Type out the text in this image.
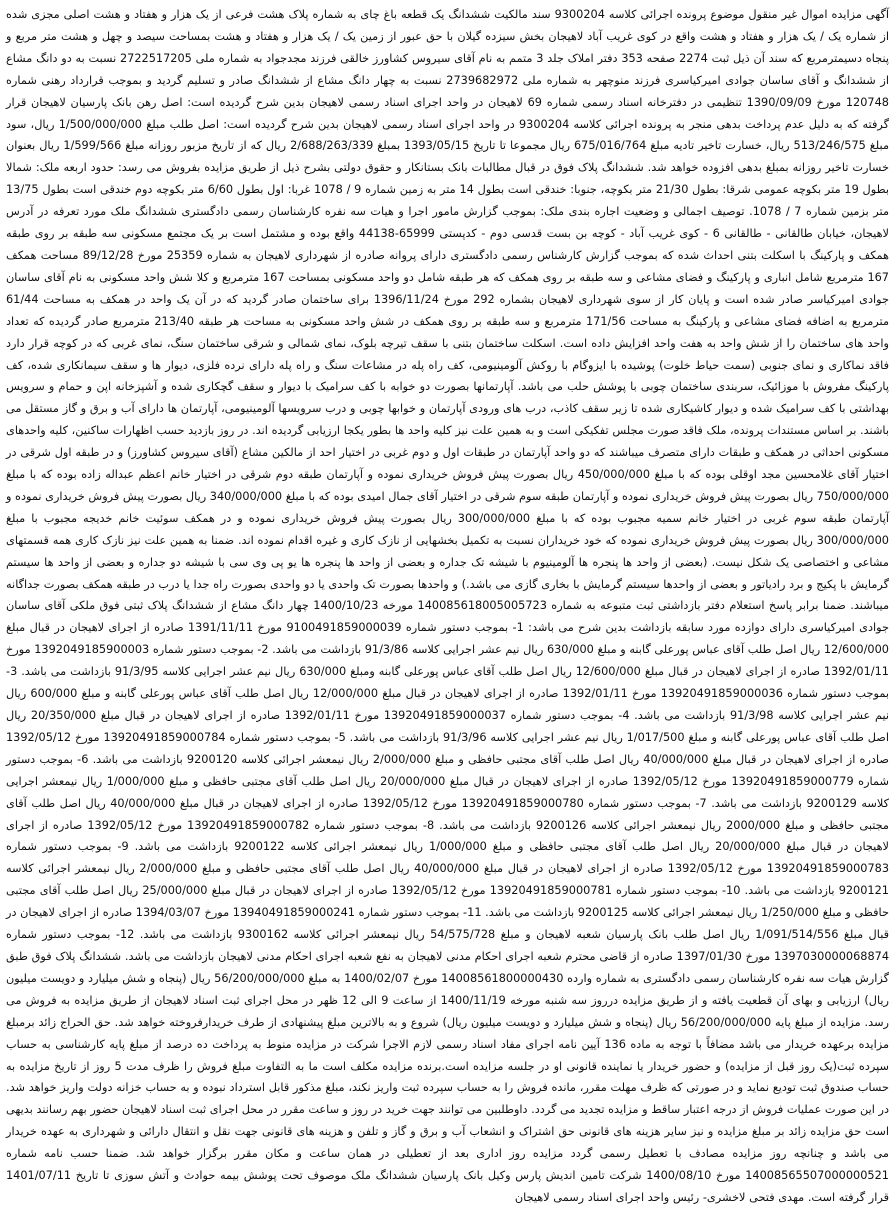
آگهی مزایده اموال غیر منقول موضوع پرونده اجرائی کلاسه 9300204 سند مالکیت ششدانگ یک قطعه باغ چای به شماره پلاک هشت فرعی از یک هزار و هفتاد و هشت اصلی مجزی شده از شماره یک / یک هزار و هفتاد و هشت واقع در کوی غریب آباد لاهیجان بخش سیزده گیلان با حق عبور از زمین یک / یک هزار و هفتاد و هشت بمساحت سیصد و چهل و هشت متر مربع و پنجاه دسیمترمربع که سند آن ذیل ثبت 2274 صفحه 353 دفتر املاک جلد 3 متمم به نام آقای سیروس کشاورز خالقی فرزند مجدجواد به شماره ملی 2722517205 نسبت به دو دانگ مشاع از ششدانگ و آقای ساسان جوادی امیرکیاسری فرزند منوچهر به شماره ملی 2739682972 نسبت به چهار دانگ مشاع از ششدانگ صادر و تسلیم گردید و بموجب قرارداد رهنی شماره 120748 مورخ 1390/09/09 تنظیمی در دفترخانه اسناد رسمی شماره 69 لاهیجان در واحد اجرای اسناد رسمی لاهیجان بدین شرح گردیده است: اصل رهن بانک پارسیان لاهیجان قرار گرفته که به دلیل عدم پرداخت بدهی منجر به پرونده اجرائی کلاسه 9300204 در واحد اجرای اسناد رسمی لاهیجان بدین شرح گردیده است: اصل طلب مبلغ 1/500/000/000 ریال، سود مبلغ 513/246/575 ریال، خسارت تاخیر تادیه مبلغ 675/016/764 ریال مجموعا تا تاریخ 1393/05/15 بمبلغ 2/688/263/339 ریال که از تاریخ مزبور روزانه مبلغ 1/599/566 ریال بعنوان خسارت تاخیر روزانه بمبلغ بدهی افزوده خواهد شد. ششدانگ پلاک فوق در قبال مطالبات بانک بستانکار و حقوق دولتی بشرح ذیل از طریق مزایده بفروش می رسد: حدود اربعه ملک: شمالا بطول 19 متر بکوچه عمومی شرقا: بطول 21/30 متر بکوچه، جنوبا: خندقی است بطول 14 متر به زمین شماره 9 / 1078 غربا: اول بطول 6/60 متر بکوچه دوم خندقی است بطول 13/75 متر بزمین شماره 7 / 1078. توصیف اجمالی و وضعیت اجاره بندی ملک: بموجب گزارش مامور اجرا و هیات سه نفره کارشناسان رسمی دادگستری ششدانگ ملک مورد تعرفه در آدرس لاهیجان، خیابان طالقانی - طالقانی 6 - کوی غریب آباد - کوچه بن بست قدسی دوم - کدپستی 65999-44138 واقع بوده و مشتمل است بر یک مجتمع مسکونی سه طبقه بر روی طبقه همکف و پارکینگ با اسکلت بتنی احداث شده که بموجب گزارش کارشناس رسمی دادگستری دارای پروانه صادره از شهرداری لاهیجان به شماره 25359 مورخ 89/12/28 مساحت همکف 167 مترمربع شامل انباری و پارکینگ و فضای مشاعی و سه طبقه بر روی همکف که هر طبقه شامل دو واحد مسکونی بمساحت 167 مترمربع و کلا شش واحد مسکونی به نام آقای ساسان جوادی امیرکیاسر صادر شده است و پایان کار از سوی شهرداری لاهیجان بشماره 292 مورخ 1396/11/24 برای ساختمان صادر گردید که در آن یک واحد در همکف به مساحت 61/44 مترمربع به اضافه فضای مشاعی و پارکینگ به مساحت 171/56 مترمربع و سه طبقه بر روی همکف در شش واحد مسکونی به مساحت هر طبقه 213/40 مترمربع صادر گردیده که تعداد واحد های ساختمان را از شش واحد به هفت واحد افزایش داده است. اسکلت ساختمان بتنی با سقف تیرچه بلوک، نمای شمالی و شرقی ساختمان سنگ، نمای غربی که در کوچه قرار دارد فاقد نماکاری و نمای جنوبی (سمت حیاط خلوت) پوشیده با ایزوگام با روکش آلومینیومی، کف راه پله در مشاعات سنگ و راه پله دارای نرده فلزی، دیوار ها و سقف سیمانکاری شده، کف پارکینگ مفروش با موزائیک، سربندی ساختمان چوبی با پوشش حلب می باشد. آپارتمانها بصورت دو خوابه با کف سرامیک با دیوار و سقف گچکاری شده و آشپزخانه اپن و حمام و سرویس بهداشتی با کف سرامیک شده و دیوار کاشیکاری شده تا زیر سقف کاذب، درب های ورودی آپارتمان و خوابها چوبی و درب سرویسها آلومینیومی، آپارتمان ها دارای آب و برق و گاز مستقل می باشند. بر اساس مستندات پرونده، ملک فاقد صورت مجلس تفکیکی است و به همین علت نیز کلیه واحد ها بطور یکجا ارزیابی گردیده اند. در روز بازدید حسب اظهارات ساکنین، کلیه واحدهای مسکونی احداثی در همکف و طبقات دارای متصرف میباشند که دو واحد آپارتمان در طبقات اول و دوم غربی در اختیار احد از مالکین مشاع (آقای سیروس کشاورز) و در طبقه اول شرقی در اختیار آقای غلامحسین مجد اوقلی بوده که با مبلغ 450/000/000 ریال بصورت پیش فروش خریداری نموده و آپارتمان طبقه دوم شرقی در اختیار خانم اعظم عبداله زاده بوده که با مبلغ 750/000/000 ریال بصورت پیش فروش خریداری نموده و آپارتمان طبقه سوم شرقی در اختیار آقای جمال امیدی بوده که با مبلغ 340/000/000 ریال بصورت پیش فروش خریداری نموده و آپارتمان طبقه سوم غربی در اختیار خانم سمیه مجبوب بوده که با مبلغ 300/000/000 ریال بصورت پیش فروش خریداری نموده و در همکف سوئیت خانم خدیجه مجبوب با مبلغ 300/000/000 ریال بصورت پیش فروش خریداری نموده که خود خریداران نسبت به تکمیل بخشهایی از نازک کاری و غیره اقدام نموده اند. ضمنا به همین علت نیز نازک کاری همه قسمتهای مشاعی و اختصاصی یک شکل نیست. (بعضی از واحد ها پنجره ها آلومینیوم با شیشه تک جداره و بعضی از واحد ها پنجره ها یو پی وی سی با شیشه دو جداره و بعضی از واحد ها سیستم گرمایش با پکیج و برد رادیاتور و بعضی از واحدها سیستم گرمایش با بخاری گازی می باشد.) و واحدها بصورت تک واحدی یا دو واحدی بصورت راه جدا یا درب در طبقه همکف بصورت جداگانه میباشند. ضمنا برابر پاسخ استعلام دفتر بازداشتی ثبت متبوعه به شماره 140085618005005723 مورخه 1400/10/23 چهار دانگ مشاع از ششدانگ پلاک ثبتی فوق ملکی آقای ساسان جوادی امیرکیاسری دارای دوازده مورد سابقه بازداشت بدین شرح می باشد: 1- بموجب دستور شماره 9100491859000039 مورخ 1391/11/11 صادره از اجرای لاهیجان در قبال مبلغ 12/600/000 ریال اصل طلب آقای عباس پورعلی گابنه و مبلغ 630/000 ریال نیم عشر اجرایی کلاسه 91/3/86 بازداشت می باشد. 2- بموجب دستور شماره 1392049185900003 مورخ 1392/01/11 صادره از اجرای لاهیجان در قبال مبلغ 12/600/000 ریال اصل طلب آقای عباس پورعلی گابنه ومبلغ 630/000 ریال نیم عشر اجرایی کلاسه 91/3/95 بازداشت می باشد. 3- بموجب دستور شماره 13920491859000036 مورخ 1392/01/11 صادره از اجرای لاهیجان در قبال مبلغ 12/000/000 ریال اصل طلب آقای عباس پورعلی گابنه و مبلغ 600/000 ریال نیم عشر اجرایی کلاسه 91/3/98 بازداشت می باشد. 4- بموجب دستور شماره 13920491859000037 مورخ 1392/01/11 صادره از اجرای لاهیجان در قبال مبلغ 20/350/000 ریال اصل طلب آقای عباس پورعلی گابنه و مبلغ 1/017/500 ریال نیم عشر اجرایی کلاسه 91/3/96 بازداشت می باشد. 5- بموجب دستور شماره 13920491859000784 مورخ 1392/05/12 صادره از اجرای لاهیجان در قبال مبلغ 40/000/000 ریال اصل طلب آقای مجتبی حافظی و مبلغ 2/000/000 ریال نیمعشر اجرائی کلاسه 9200120 بازداشت می باشد. 6- بموجب دستور شماره 13920491859000779 مورخ 1392/05/12 صادره از اجرای لاهیجان در قبال مبلغ 20/000/000 ریال اصل طلب آقای مجتبی حافظی و مبلغ 1/000/000 ریال نیمعشر اجرایی کلاسه 9200129 بازداشت می باشد. 7- بموجب دستور شماره 13920491859000780 مورخ 1392/05/12 صادره از اجرای لاهیجان در قبال مبلغ 40/000/000 ریال اصل طلب آقای مجتبی حافظی و مبلغ 2000/000 ریال نیمعشر اجرائی کلاسه 9200126 بازداشت می باشد. 8- بموجب دستور شماره 13920491859000782 مورخ 1392/05/12 صادره از اجرای لاهیجان در قبال مبلغ 20/000/000 ریال اصل طلب آقای مجتبی حافظی و مبلغ 1/000/000 ریال نیمعشر اجرائی کلاسه 9200122 بازداشت می باشد. 9- بموجب دستور شماره 13920491859000783 مورخ 1392/05/12 صادره از اجرای لاهیجان در قبال مبلغ 40/000/000 ریال اصل طلب آقای مجتبی حافظی و مبلغ 2/000/000 ریال نیمعشر اجرائی کلاسه 9200121 بازداشت می باشد. 10- بموجب دستور شماره 13920491859000781 مورخ 1392/05/12 صادره از اجرای لاهیجان در قبال مبلغ 25/000/000 ریال اصل طلب آقای مجتبی حافظی و مبلغ 1/250/000 ریال نیمعشر اجرائی کلاسه 9200125 بازداشت می باشد. 11- بموجب دستور شماره 13940491859000241 مورخ 1394/03/07 صادره از اجرای لاهیجان در قبال مبلغ 1/091/514/556 ریال اصل طلب بانک پارسیان شعبه لاهیجان و مبلغ 54/575/728 ریال نیمعشر اجرائی کلاسه 9300162 بازداشت می باشد. 12- بموجب دستور شماره 1397030000068874 مورخ 1397/01/30 صادره از قاضی محترم شعبه اجرای احکام مدنی لاهیجان به نفع شعبه اجرای احکام مدنی لاهیجان بازداشت می باشد. ششدانگ پلاک فوق طبق گزارش هیات سه نفره کارشناسان رسمی دادگستری به شماره وارده 14008561800000430 مورخ 1400/02/07 به مبلغ 56/200/000/000 ریال (پنجاه و شش میلیارد و دویست میلیون ریال) ارزیابی و بهای آن قطعیت یافته و از طریق مزایده درروز سه شنبه مورخه 1400/11/19 از ساعت 9 الی 12 ظهر در محل اجرای ثبت اسناد لاهیجان از طریق مزایده به فروش می رسد. مزایده از مبلغ پایه 56/200/000/000 ریال (پنجاه و شش میلیارد و دویست میلیون ریال) شروع و به بالاترین مبلغ پیشنهادی از طرف خریدارفروخته خواهد شد. حق الحراج زائد برمبلغ مزایده برعهده خریدار می باشد مضافاً با توجه به ماده 136 آیین نامه اجرای مفاد اسناد رسمی لازم الاجرا شرکت در مزایده منوط به پرداخت ده درصد از مبلغ پایه کارشناسی به حساب سپرده ثبت(یک روز قبل از مزایده) و حضور خریدار یا نماینده قانونی او در جلسه مزایده است.برنده مزایده مکلف است ما به التفاوت مبلغ فروش را ظرف مدت 5 روز از تاریخ مزایده به حساب صندوق ثبت تودیع نماید و در صورتی که ظرف مهلت مقرر، مانده فروش را به حساب سپرده ثبت واریز نکند، مبلغ مذکور قابل استرداد نبوده و به حساب خزانه دولت واریز خواهد شد. در این صورت عملیات فروش از درجه اعتبار ساقط و مزایده تجدید می گردد. داوطلبین می توانند جهت خرید در روز و ساعت مقرر در محل اجرای ثبت اسناد لاهیجان حضور بهم رسانند بدیهی است حق مزایده زائد بر مبلغ مزایده و نیز سایر هزینه های قانونی حق اشتراک و انشعاب آب و برق و گاز و تلفن و هزینه های قانونی جهت نقل و انتقال دارائی و شهرداری به عهده خریدار می باشد و چنانچه روز مزایده مصادف با تعطیل رسمی گردد مزایده روز اداری بعد از تعطیلی در همان ساعت و مکان مقرر برگزار خواهد شد. ضمنا حسب نامه شماره 14008565507000000521 مورخ 1400/08/10 شرکت تامین اندیش پارس وکیل بانک پارسیان ششدانگ ملک موصوف تحت پوشش بیمه حوادث و آتش سوزی تا تاریخ 1401/07/11 قرار گرفته است. مهدی فتحی لاخشری- رئیس واحد اجرای اسناد رسمی لاهیجان
